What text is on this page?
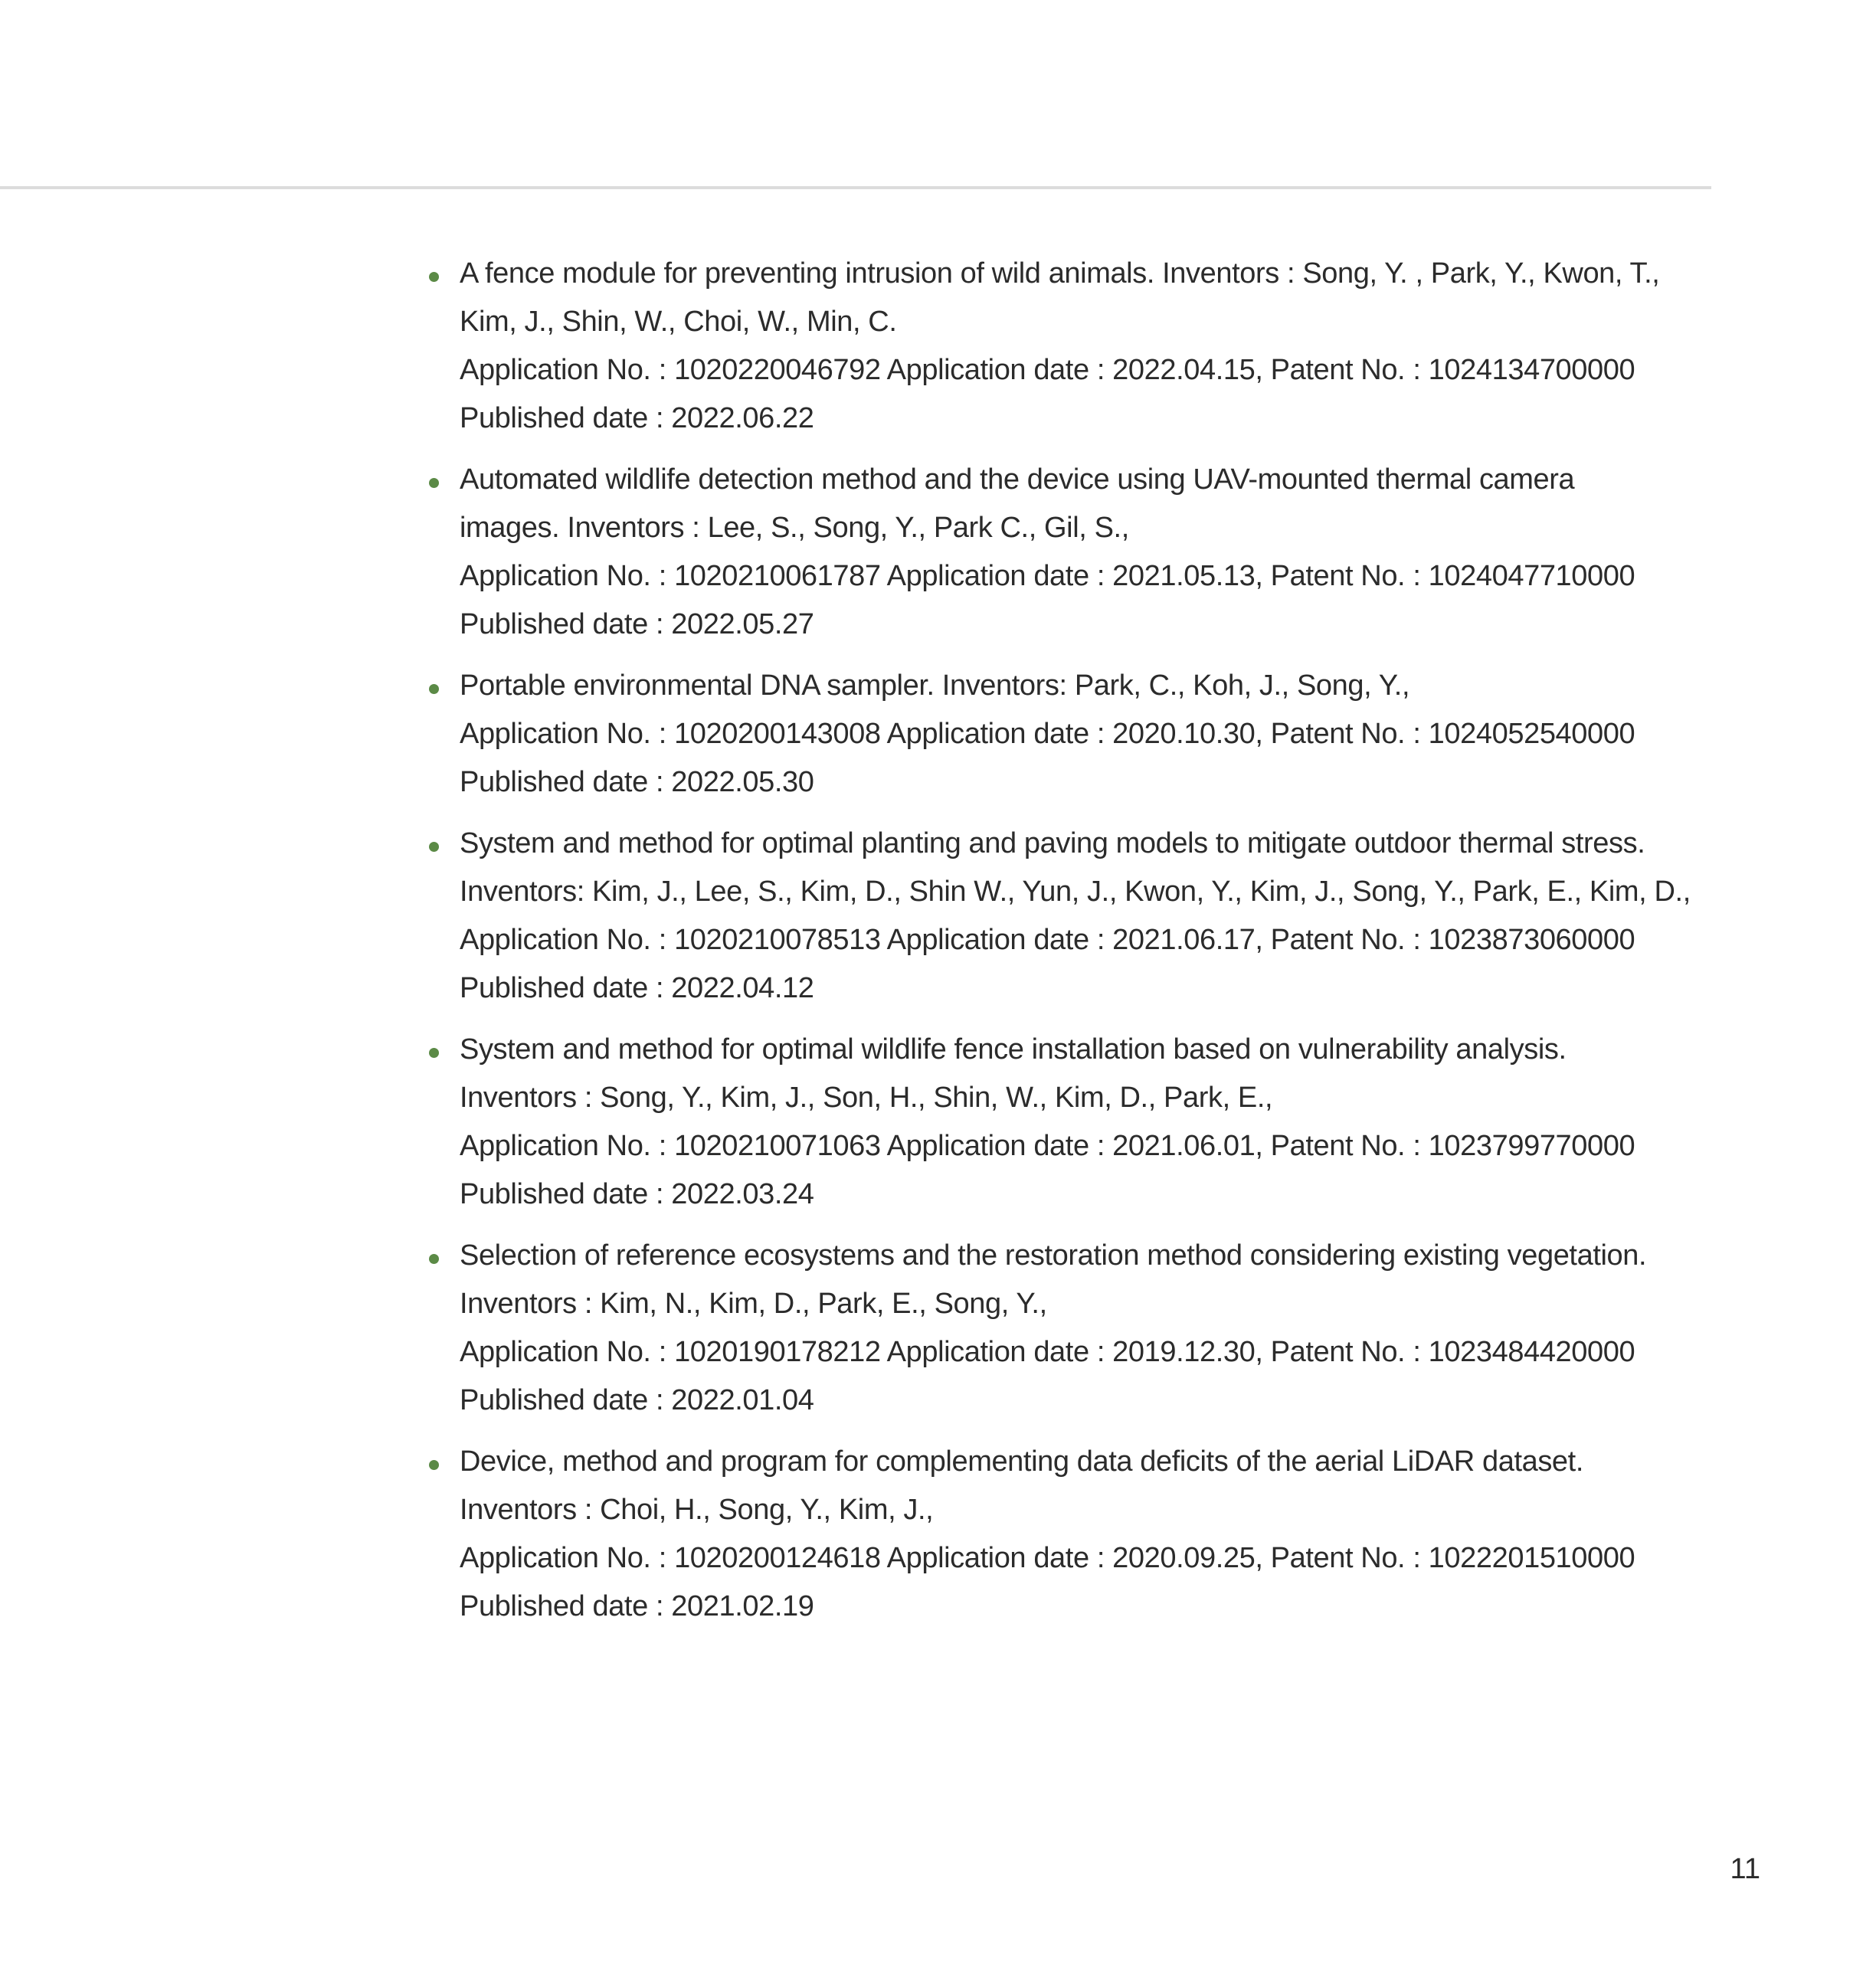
A fence module for preventing intrusion of wild animals. Inventors : Song, Y. , Park, Y., Kwon, T.,
Kim, J., Shin, W., Choi, W., Min, C.
Application No. : 1020220046792 Application date : 2022.04.15, Patent No. : 1024134700000
Published date : 2022.06.22
Automated wildlife detection method and the device using UAV-mounted thermal camera
images. Inventors : Lee, S., Song, Y., Park C., Gil, S.,
Application No. : 1020210061787 Application date : 2021.05.13, Patent No. : 1024047710000
Published date : 2022.05.27
Portable environmental DNA sampler. Inventors: Park, C., Koh, J., Song, Y.,
Application No. : 1020200143008 Application date : 2020.10.30, Patent No. : 1024052540000
Published date : 2022.05.30
System and method for optimal planting and paving models to mitigate outdoor thermal stress.
Inventors: Kim, J., Lee, S., Kim, D., Shin W., Yun, J., Kwon, Y., Kim, J., Song, Y., Park, E., Kim, D.,
Application No. : 1020210078513 Application date : 2021.06.17, Patent No. : 1023873060000
Published date : 2022.04.12
System and method for optimal wildlife fence installation based on vulnerability analysis.
Inventors : Song, Y., Kim, J., Son, H., Shin, W., Kim, D., Park, E.,
Application No. : 1020210071063 Application date : 2021.06.01, Patent No. : 1023799770000
Published date : 2022.03.24
Selection of reference ecosystems and the restoration method considering existing vegetation.
Inventors : Kim, N., Kim, D., Park, E., Song, Y.,
Application No. : 1020190178212 Application date : 2019.12.30, Patent No. : 1023484420000
Published date : 2022.01.04
Device, method and program for complementing data deficits of the aerial LiDAR dataset.
Inventors : Choi, H., Song, Y., Kim, J.,
Application No. : 1020200124618 Application date : 2020.09.25, Patent No. : 1022201510000
Published date : 2021.02.19
11
